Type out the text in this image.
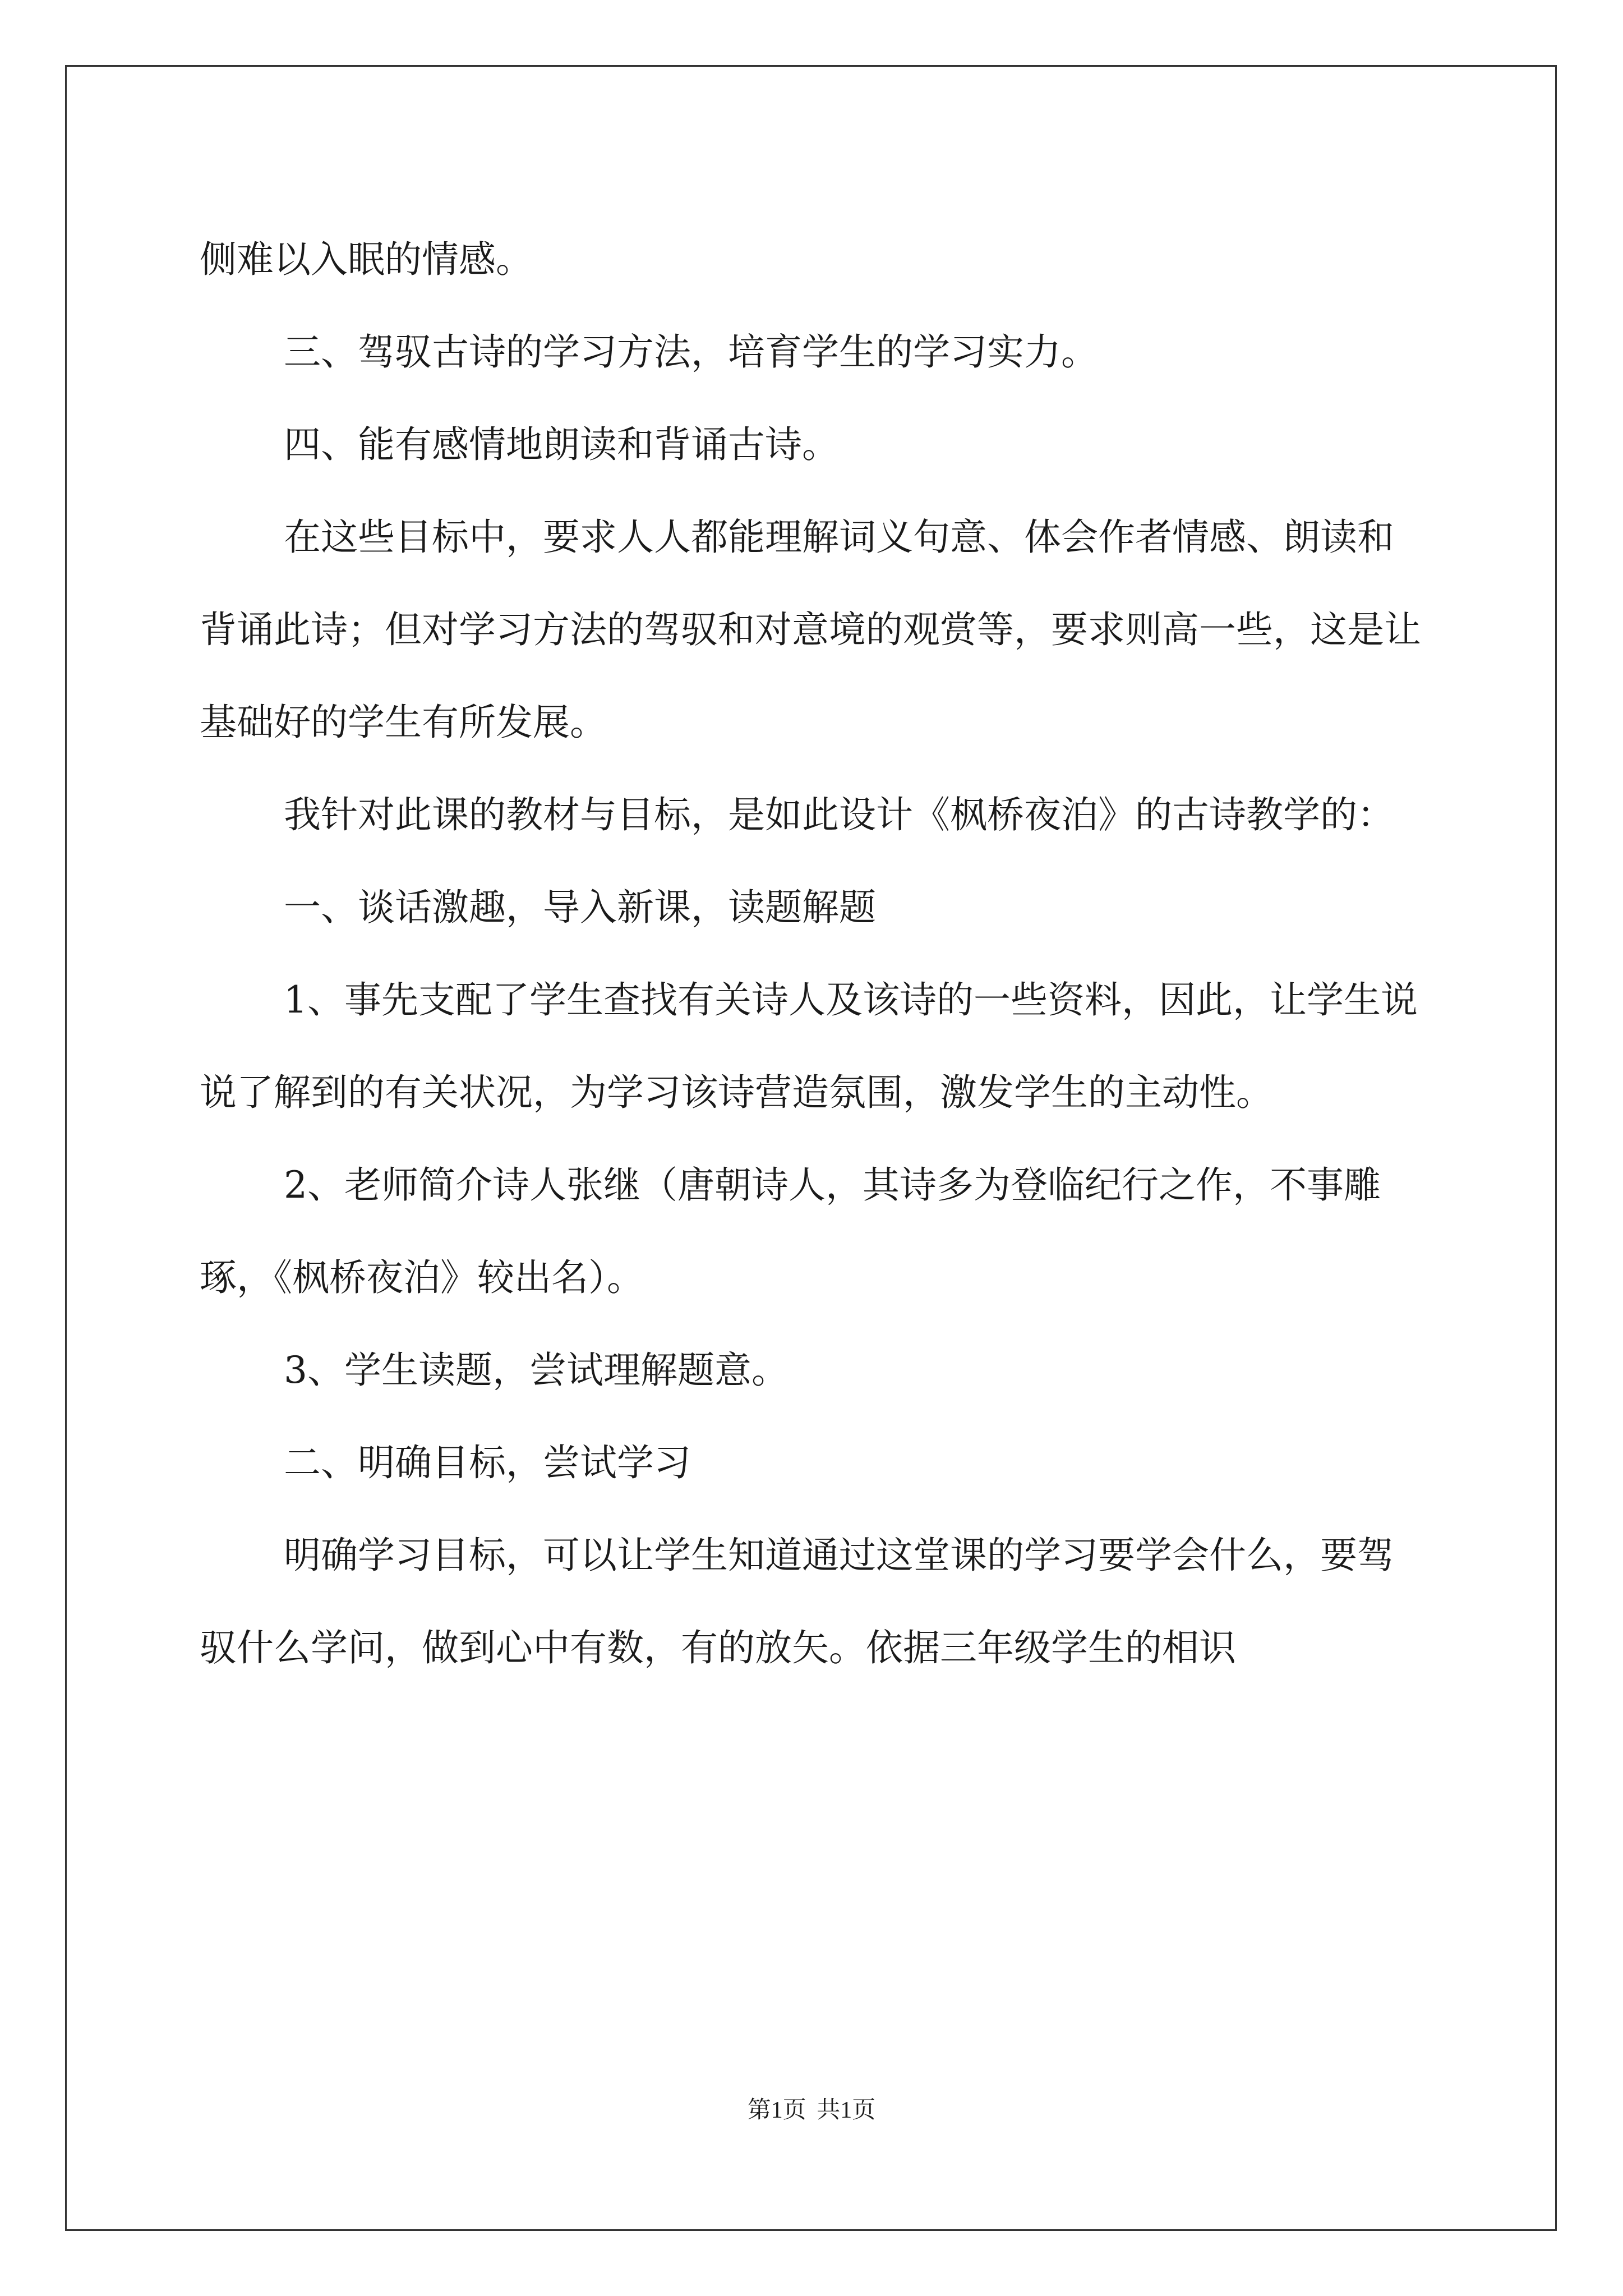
侧难以入眠的情感。

三、驾驭古诗的学习方法，培育学生的学习实力。

四、能有感情地朗读和背诵古诗。

在这些目标中，要求人人都能理解词义句意、体会作者情感、朗读和背诵此诗；但对学习方法的驾驭和对意境的观赏等，要求则高一些，这是让基础好的学生有所发展。

我针对此课的教材与目标，是如此设计《枫桥夜泊》的古诗教学的：

一、谈话激趣，导入新课，读题解题

1、事先支配了学生查找有关诗人及该诗的一些资料，因此，让学生说说了解到的有关状况，为学习该诗营造氛围，激发学生的主动性。

2、老师简介诗人张继（唐朝诗人，其诗多为登临纪行之作，不事雕琢，《枫桥夜泊》较出名）。

3、学生读题，尝试理解题意。

二、明确目标，尝试学习

明确学习目标，可以让学生知道通过这堂课的学习要学会什么，要驾驭什么学问，做到心中有数，有的放矢。依据三年级学生的相识

第1页 共1页
